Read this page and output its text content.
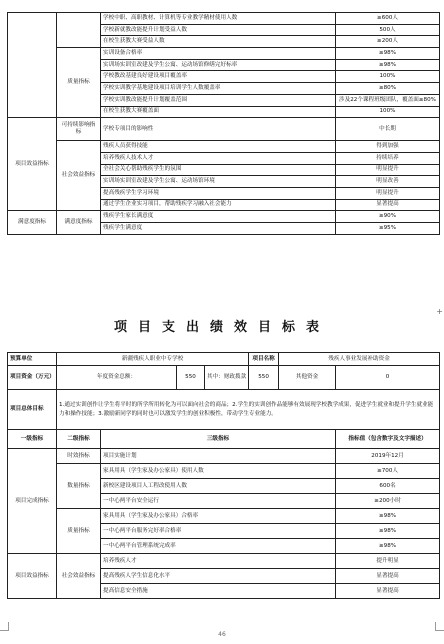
		学校中职、高职教材、计算机等专业教学精材使用人数	≥600人
		学校新就教改能提升计划受益人数	500人
		在校生获教大赛受益人数	≥200人
	质量指标	实训设备合格率	≥98%
		实训场实训室改建及学生公寓、运动场馆修缮完好标率	≥98%
		学校教改基建良好建设项目覆盖率	100%
		学校实训教学基地建设项目培训学生人数覆盖率	≥80%
		学校实训教改能提升计划覆盖范围	涉及22个课程班级团队，覆盖面≥80%
		在校生获教大赛覆盖面	100%
项目效益指标	可持续影响指标	学校专项目的影响性	中长期
	社会效益指标	残疾人员获得技能	得到加强
		培养残疾人技术人才	持续培养
		全社会关心帮助残疾学生的氛围	明显提升
		实训场实训室改建及学生公寓、运动场馆环境	明显改善
		提高残疾学生学习环境	明显提升
		通过学生企业实习项目，帮助残疾学习融入社会能力	显著提高
满意度指标	满意度指标	残疾学生家长满意度	≥90%
		残疾学生满意度	≥95%
+
项目支出绩效目标表
预算单位	新疆残疾人职业中专学校				项目名称	残疾人事业发展补助资金	
项目资金（万元）	年度资金总额：		550	其中：财政拨款	550	其他资金	0
项目总体目标	1.通过实训创作让学生将平时的所学所用转化为可以面向社会的商品；2.学生的实训创作品能够有效展现学校教学成果，促进学生就业和提升学生就业能力和操作技能；3.激励新同学的同时也可以激发学生的创业积极性，带动学生专业能力。						
一级指标	二级指标	三级指标					指标值（包含数字及文字描述）
项目完成指标	时效指标	项目实施计划					2019年12月
	数量指标	家具用具（学生家及办公家具）使用人数					≥700人
		新校区建设项目人工程改使用人数					600名
		一中心两平台安全运行					≥200小时
	质量指标	家具用具（学生家及办公家具）合格率					≥98%
		一中心两平台服务完好率合格率					≥98%
		一中心两平台管理系统完成率					≥98%
项目效益指标	社会效益指标	培养残疾人才					提升明显
		提高残疾人学生信息化水平					显著提高
		提高信息安全措施					显著提高
46
